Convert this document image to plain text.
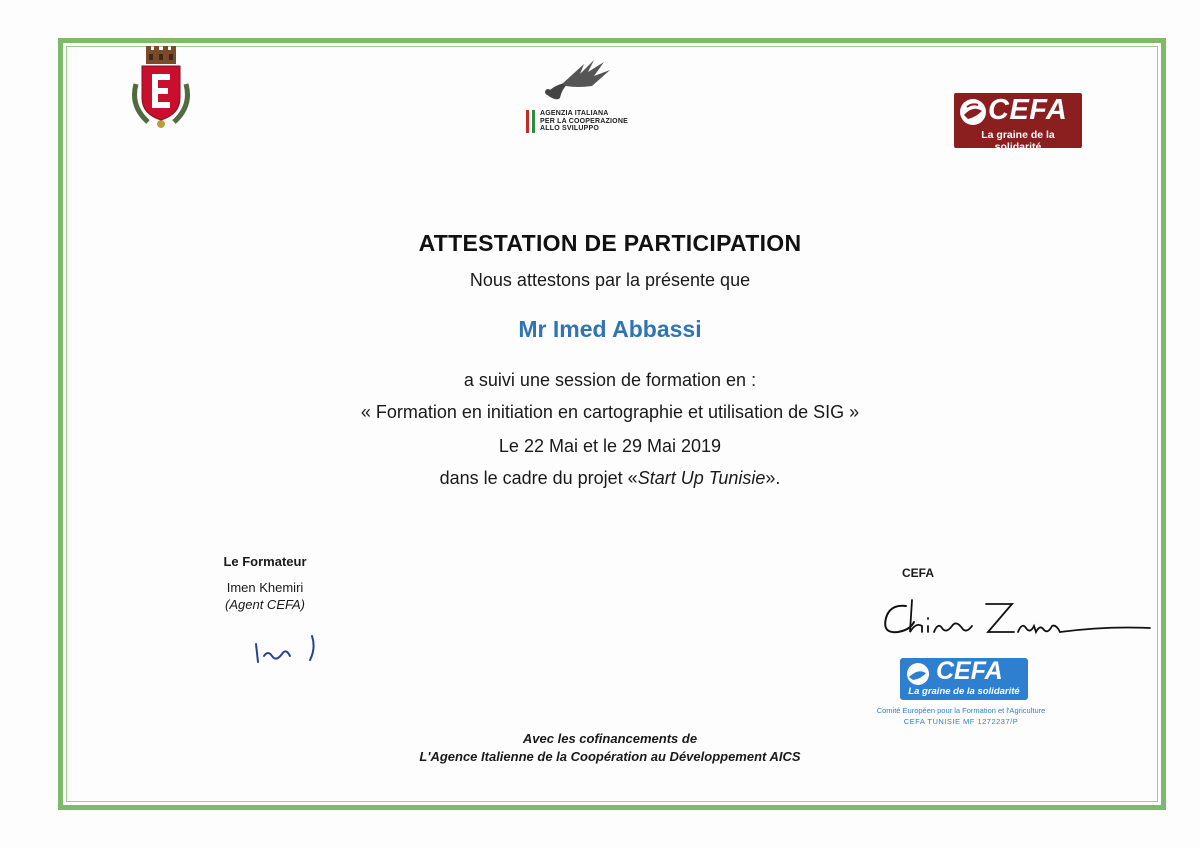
AGENZIA ITALIANA
PER LA COOPERAZIONE
ALLO SVILUPPO
CEFA
La graine de la solidarité
ATTESTATION DE PARTICIPATION
Nous attestons par la présente que
Mr Imed Abbassi
a suivi une session de formation en :
« Formation en initiation en cartographie et utilisation de SIG »
Le 22 Mai et le 29 Mai 2019
dans le cadre du projet «Start Up Tunisie».
Le Formateur
Imen Khemiri
(Agent CEFA)
CEFA
CEFA
La graine de la solidarité
Comité Européen pour la Formation et l'Agriculture
CEFA TUNISIE MF 1272237/P
Avec les cofinancements de
L'Agence Italienne de la Coopération au Développement AICS
